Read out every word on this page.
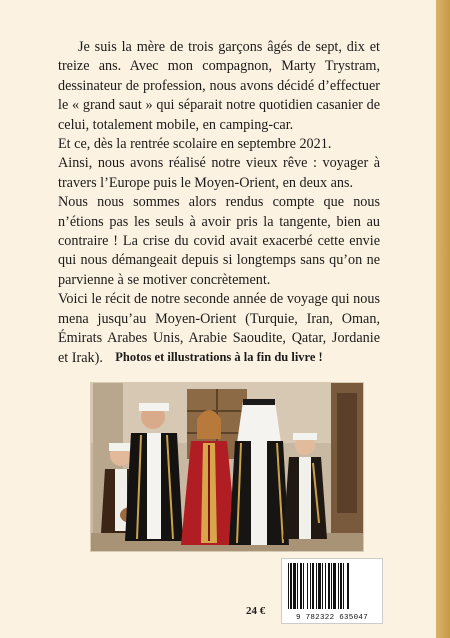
Je suis la mère de trois garçons âgés de sept, dix et treize ans. Avec mon compagnon, Marty Trystram, dessinateur de profession, nous avons décidé d’effectuer le « grand saut » qui séparait notre quotidien casanier de celui, totalement mobile, en camping-car.

Et ce, dès la rentrée scolaire en septembre 2021.

Ainsi, nous avons réalisé notre vieux rêve : voyager à travers l’Europe puis le Moyen-Orient, en deux ans.

Nous nous sommes alors rendus compte que nous n’étions pas les seuls à avoir pris la tangente, bien au contraire ! La crise du covid avait exacerbé cette envie qui nous démangeait depuis si longtemps sans qu’on ne parvienne à se motiver concrètement.

Voici le récit de notre seconde année de voyage qui nous mena jusqu’au Moyen-Orient (Turquie, Iran, Oman, Émirats Arabes Unis, Arabie Saoudite, Qatar, Jordanie et Irak). Photos et illustrations à la fin du livre !
24 €
9 782322 635047
